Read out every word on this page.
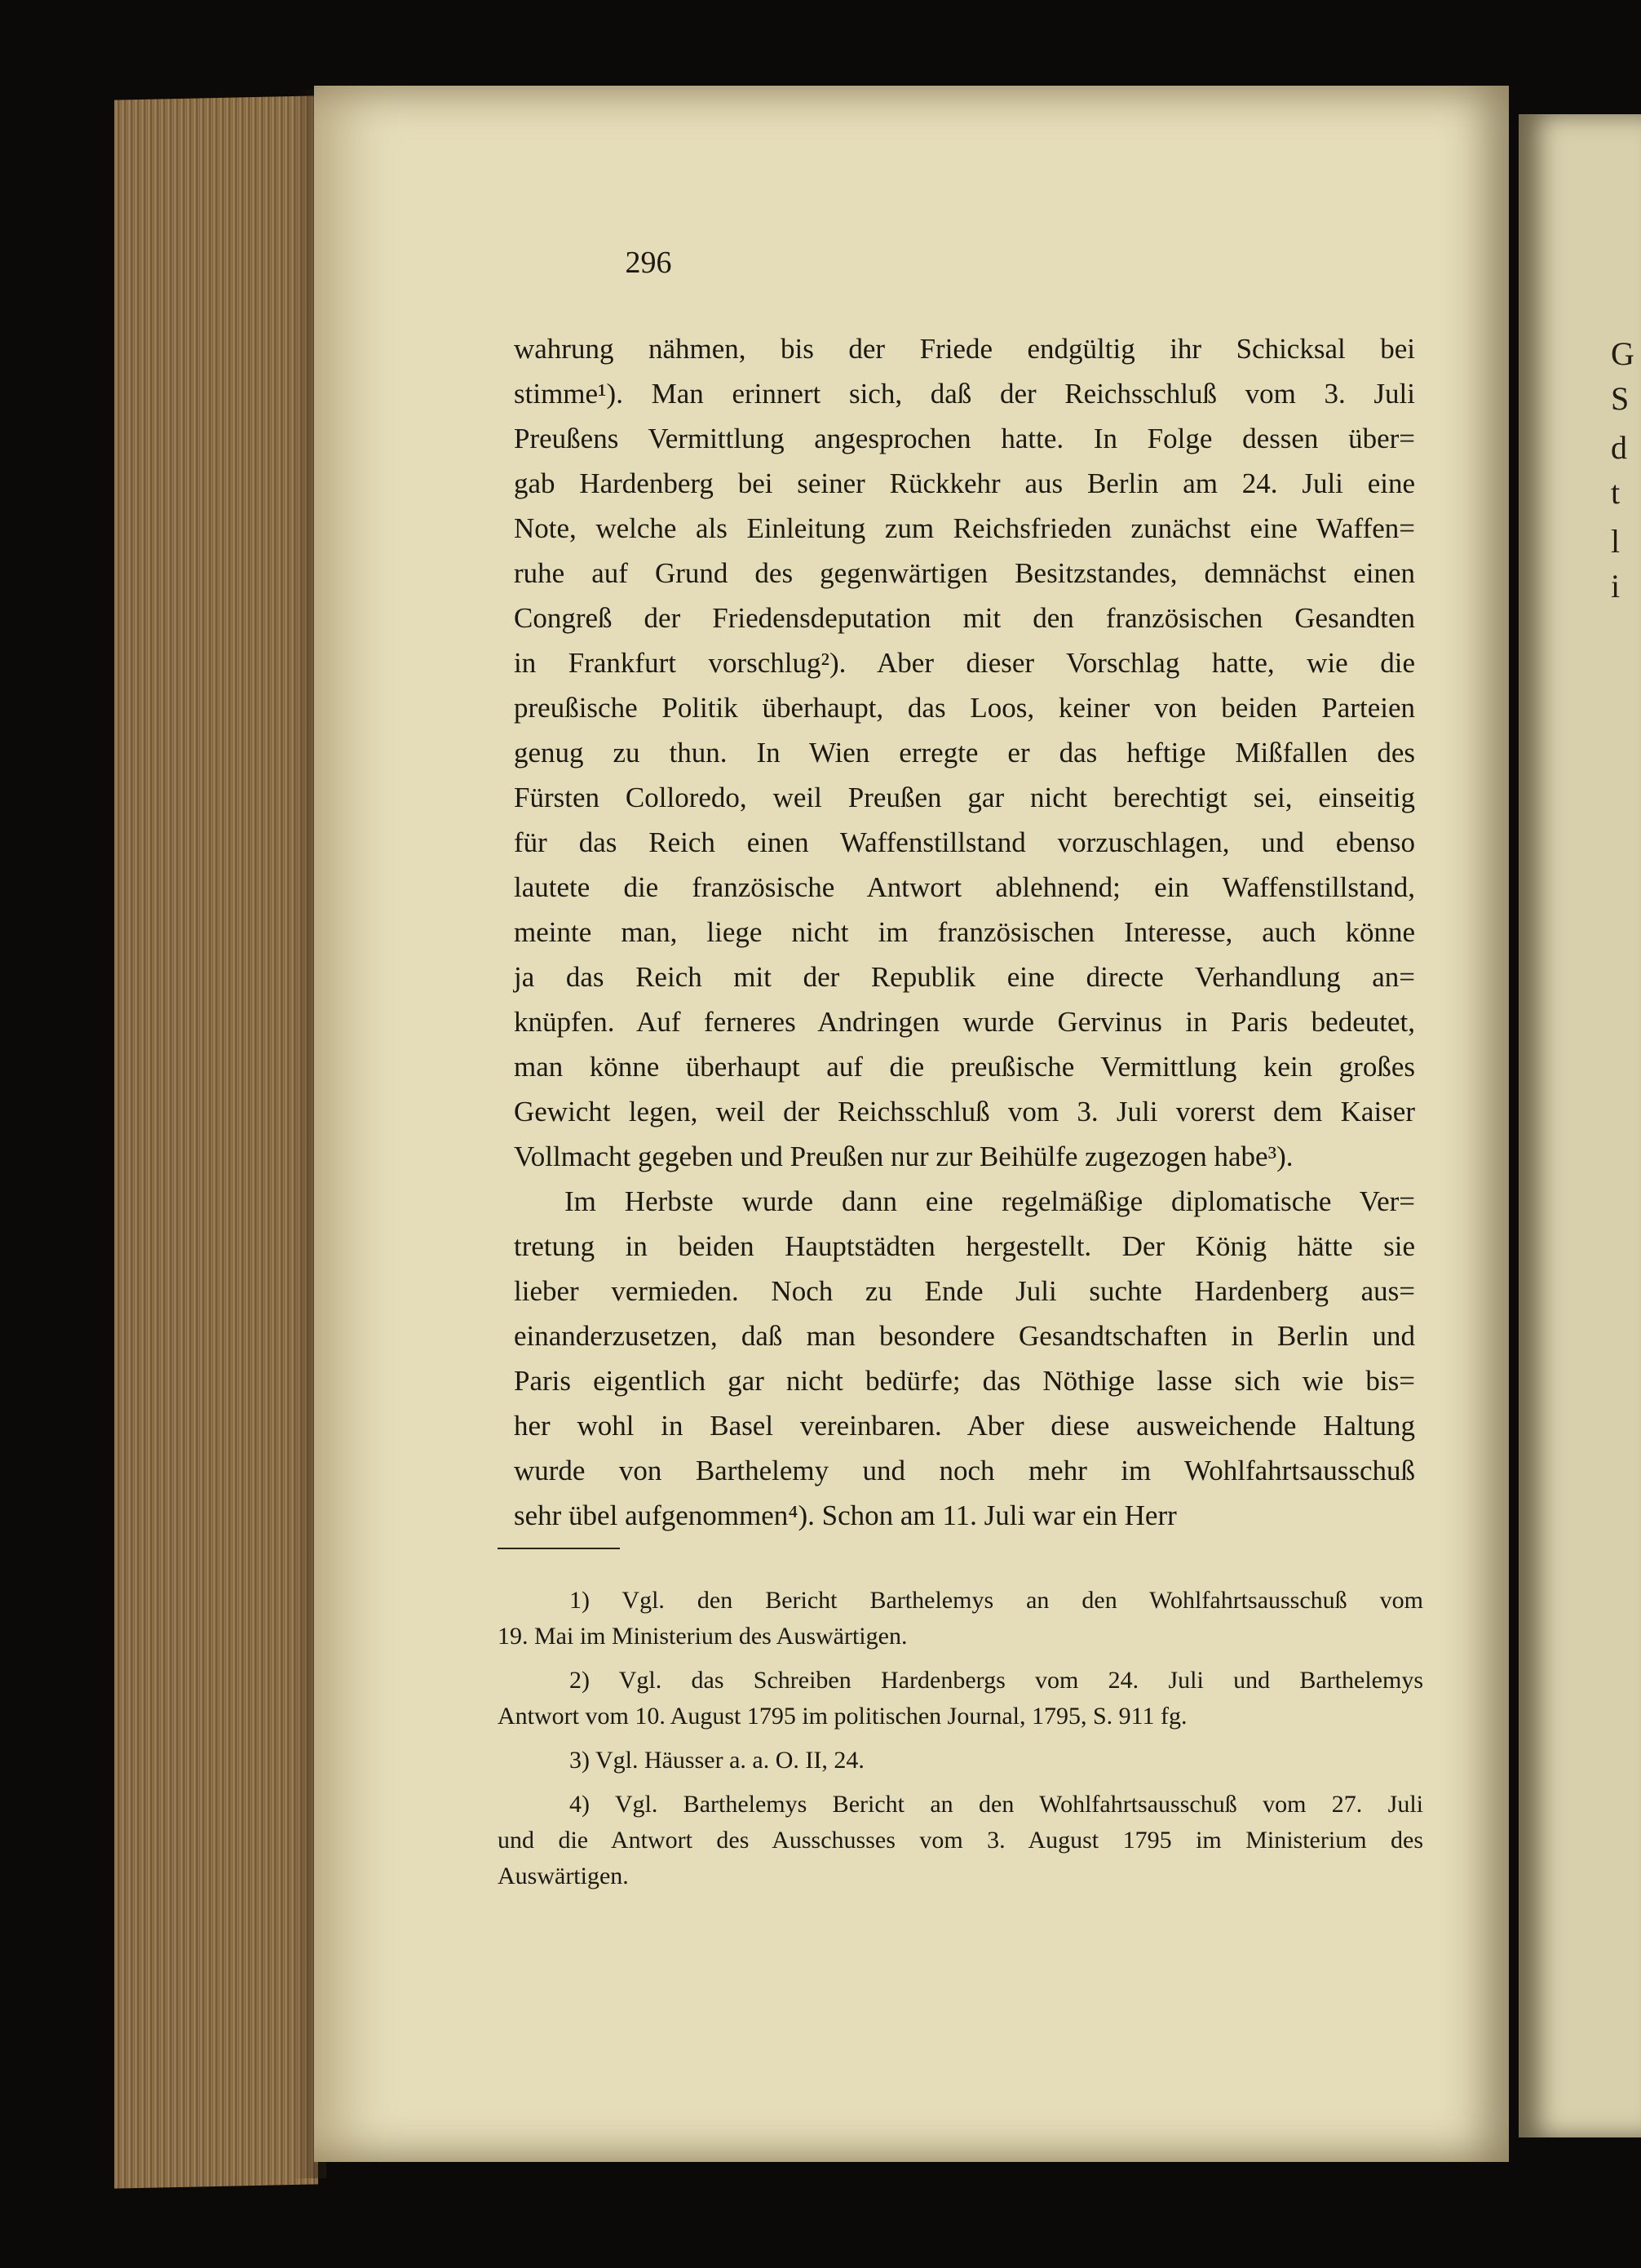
G
S
d
t
l
i
296
wahrung nähmen, bis der Friede endgültig ihr Schicksal bei
stimme¹). Man erinnert sich, daß der Reichsschluß vom 3. Juli
Preußens Vermittlung angesprochen hatte. In Folge dessen über=
gab Hardenberg bei seiner Rückkehr aus Berlin am 24. Juli eine
Note, welche als Einleitung zum Reichsfrieden zunächst eine Waffen=
ruhe auf Grund des gegenwärtigen Besitzstandes, demnächst einen
Congreß der Friedensdeputation mit den französischen Gesandten
in Frankfurt vorschlug²). Aber dieser Vorschlag hatte, wie die
preußische Politik überhaupt, das Loos, keiner von beiden Parteien
genug zu thun. In Wien erregte er das heftige Mißfallen des
Fürsten Colloredo, weil Preußen gar nicht berechtigt sei, einseitig
für das Reich einen Waffenstillstand vorzuschlagen, und ebenso
lautete die französische Antwort ablehnend; ein Waffenstillstand,
meinte man, liege nicht im französischen Interesse, auch könne
ja das Reich mit der Republik eine directe Verhandlung an=
knüpfen. Auf ferneres Andringen wurde Gervinus in Paris bedeutet,
man könne überhaupt auf die preußische Vermittlung kein großes
Gewicht legen, weil der Reichsschluß vom 3. Juli vorerst dem Kaiser
Vollmacht gegeben und Preußen nur zur Beihülfe zugezogen habe³).
Im Herbste wurde dann eine regelmäßige diplomatische Ver=
tretung in beiden Hauptstädten hergestellt. Der König hätte sie
lieber vermieden. Noch zu Ende Juli suchte Hardenberg aus=
einanderzusetzen, daß man besondere Gesandtschaften in Berlin und
Paris eigentlich gar nicht bedürfe; das Nöthige lasse sich wie bis=
her wohl in Basel vereinbaren. Aber diese ausweichende Haltung
wurde von Barthelemy und noch mehr im Wohlfahrtsausschuß
sehr übel aufgenommen⁴). Schon am 11. Juli war ein Herr
1) Vgl. den Bericht Barthelemys an den Wohlfahrtsausschuß vom
19. Mai im Ministerium des Auswärtigen.
2) Vgl. das Schreiben Hardenbergs vom 24. Juli und Barthelemys
Antwort vom 10. August 1795 im politischen Journal, 1795, S. 911 fg.
3) Vgl. Häusser a. a. O. II, 24.
4) Vgl. Barthelemys Bericht an den Wohlfahrtsausschuß vom 27. Juli
und die Antwort des Ausschusses vom 3. August 1795 im Ministerium des
Auswärtigen.
